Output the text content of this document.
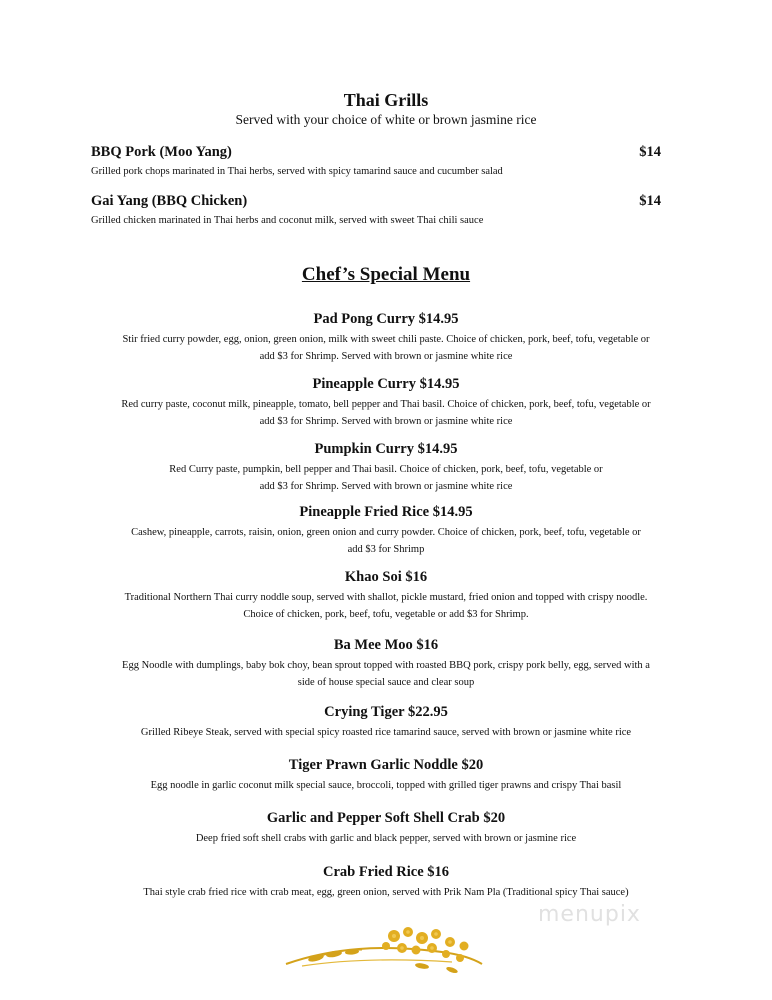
Thai Grills

Served with your choice of white or brown jasmine rice

BBQ Pork (Moo Yang)	$14
Grilled pork chops marinated in Thai herbs, served with spicy tamarind sauce and cucumber salad
Gai Yang (BBQ Chicken)	$14
Grilled chicken marinated in Thai herbs and coconut milk, served with sweet Thai chili sauce
Chef’s Special Menu
Pad Pong Curry $14.95
Stir fried curry powder, egg, onion, green onion, milk with sweet chili paste. Choice of chicken, pork, beef, tofu, vegetable or
add $3 for Shrimp. Served with brown or jasmine white rice
Pineapple Curry $14.95
Red curry paste, coconut milk, pineapple, tomato, bell pepper and Thai basil. Choice of chicken, pork, beef, tofu, vegetable or
add $3 for Shrimp. Served with brown or jasmine white rice
Pumpkin Curry $14.95
Red Curry paste, pumpkin, bell pepper and Thai basil. Choice of chicken, pork, beef, tofu, vegetable or
add $3 for Shrimp. Served with brown or jasmine white rice
Pineapple Fried Rice $14.95
Cashew, pineapple, carrots, raisin, onion, green onion and curry powder. Choice of chicken, pork, beef, tofu, vegetable or
add $3 for Shrimp
Khao Soi $16
Traditional Northern Thai curry noddle soup, served with shallot, pickle mustard, fried onion and topped with crispy noodle.
Choice of chicken, pork, beef, tofu, vegetable or add $3 for Shrimp.
Ba Mee Moo $16
Egg Noodle with dumplings, baby bok choy, bean sprout topped with roasted BBQ pork, crispy pork belly, egg, served with a
side of house special sauce and clear soup
Crying Tiger $22.95
Grilled Ribeye Steak, served with special spicy roasted rice tamarind sauce, served with brown or jasmine white rice
Tiger Prawn Garlic Noddle $20
Egg noodle in garlic coconut milk special sauce, broccoli, topped with grilled tiger prawns and crispy Thai basil
Garlic and Pepper Soft Shell Crab $20
Deep fried soft shell crabs with garlic and black pepper, served with brown or jasmine rice
Crab Fried Rice $16
Thai style crab fried rice with crab meat, egg, green onion, served with Prik Nam Pla (Traditional spicy Thai sauce)
menupix
